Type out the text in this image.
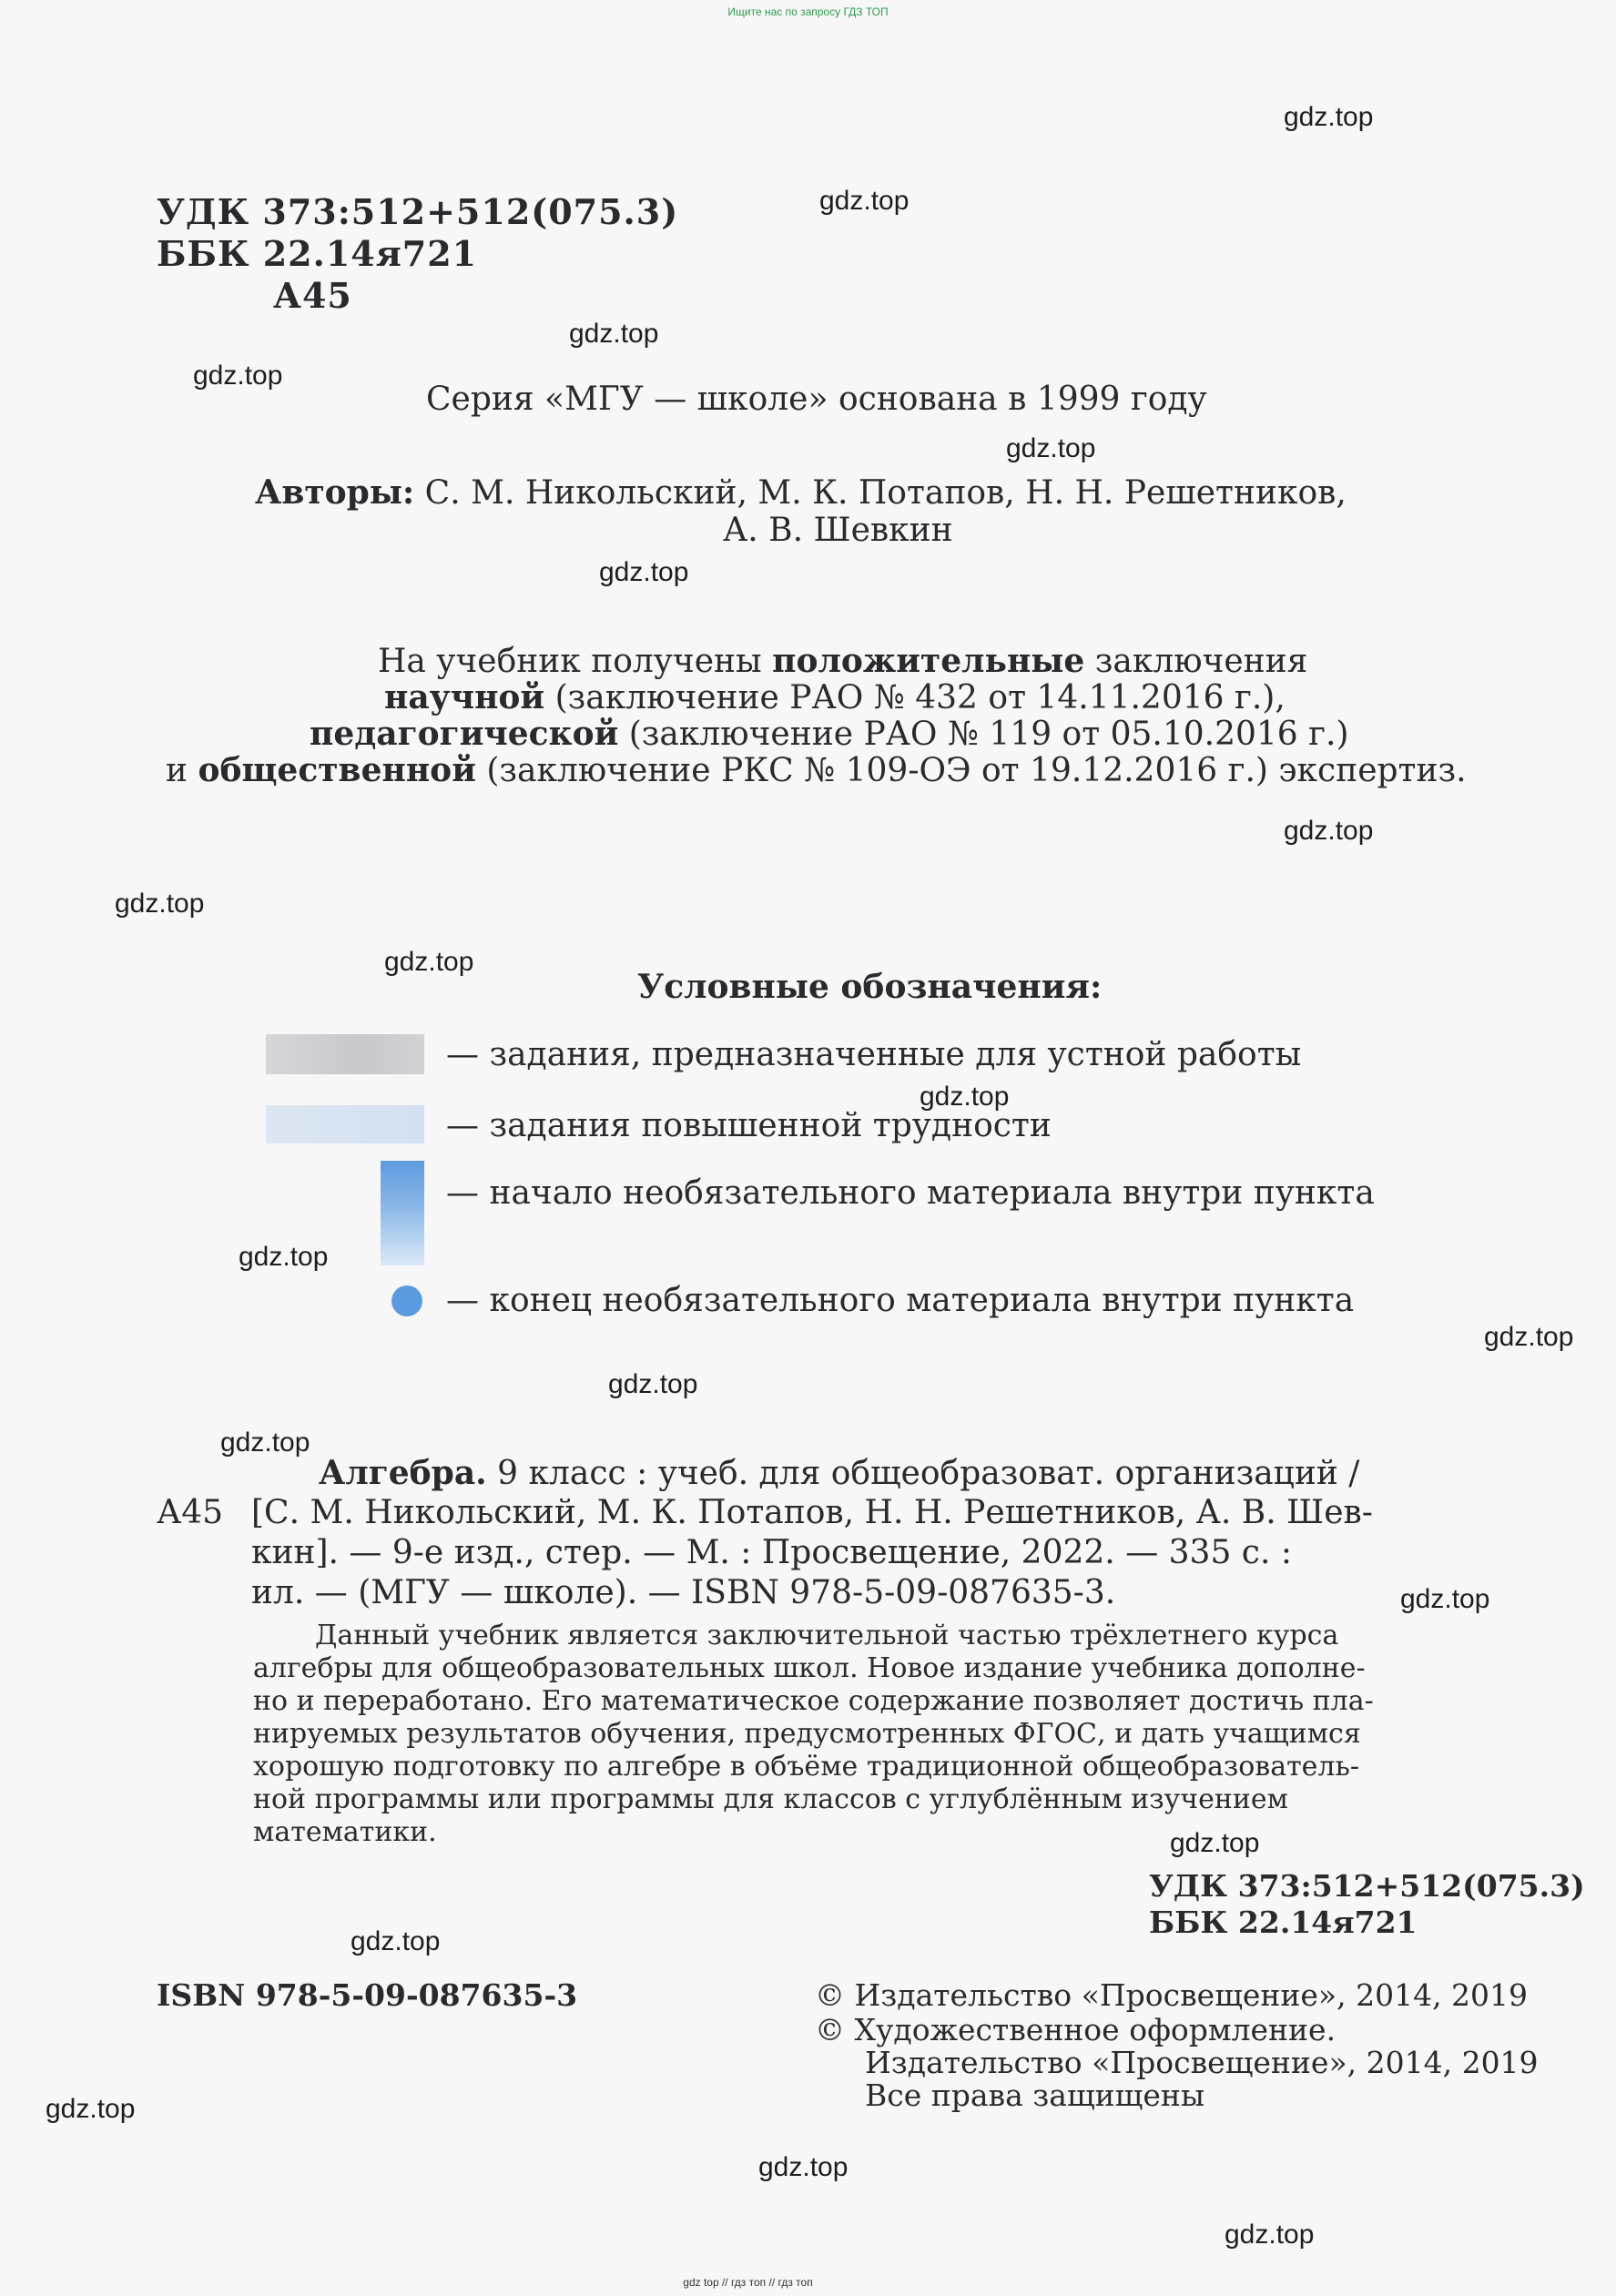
Ищите нас по запросу ГДЗ ТОП
gdz top // гдз топ // гдз топ
УДК 373:512+512(075.3)
ББК 22.14я721
А45
Серия «МГУ — школе» основана в 1999 году
Авторы: С. М. Никольский, М. К. Потапов, Н. Н. Решетников,
А. В. Шевкин
На учебник получены положительные заключения
научной (заключение РАО № 432 от 14.11.2016 г.),
педагогической (заключение РАО № 119 от 05.10.2016 г.)
и общественной (заключение РКС № 109-ОЭ от 19.12.2016 г.) экспертиз.
Условные обозначения:
— задания, предназначенные для устной работы
— задания повышенной трудности
— начало необязательного материала внутри пункта
— конец необязательного материала внутри пункта
Алгебра. 9 класс : учеб. для общеобразоват. организаций /
А45 [С. М. Никольский, М. К. Потапов, Н. Н. Решетников, А. В. Шев-
кин]. — 9-е изд., стер. — М. : Просвещение, 2022. — 335 с. :
ил. — (МГУ — школе). — ISBN 978-5-09-087635-3.
Данный учебник является заключительной частью трёхлетнего курса
алгебры для общеобразовательных школ. Новое издание учебника дополне-
но и переработано. Его математическое содержание позволяет достичь пла-
нируемых результатов обучения, предусмотренных ФГОС, и дать учащимся
хорошую подготовку по алгебре в объёме традиционной общеобразователь-
ной программы или программы для классов с углублённым изучением
математики.
УДК 373:512+512(075.3)
ББК 22.14я721
ISBN 978-5-09-087635-3	© Издательство «Просвещение», 2014, 2019
© Художественное оформление.
Издательство «Просвещение», 2014, 2019
Все права защищены
gdz.top
gdz.top
gdz.top
gdz.top
gdz.top
gdz.top
gdz.top
gdz.top
gdz.top
gdz.top
gdz.top
gdz.top
gdz.top
gdz.top
gdz.top
gdz.top
gdz.top
gdz.top
gdz.top
gdz.top
